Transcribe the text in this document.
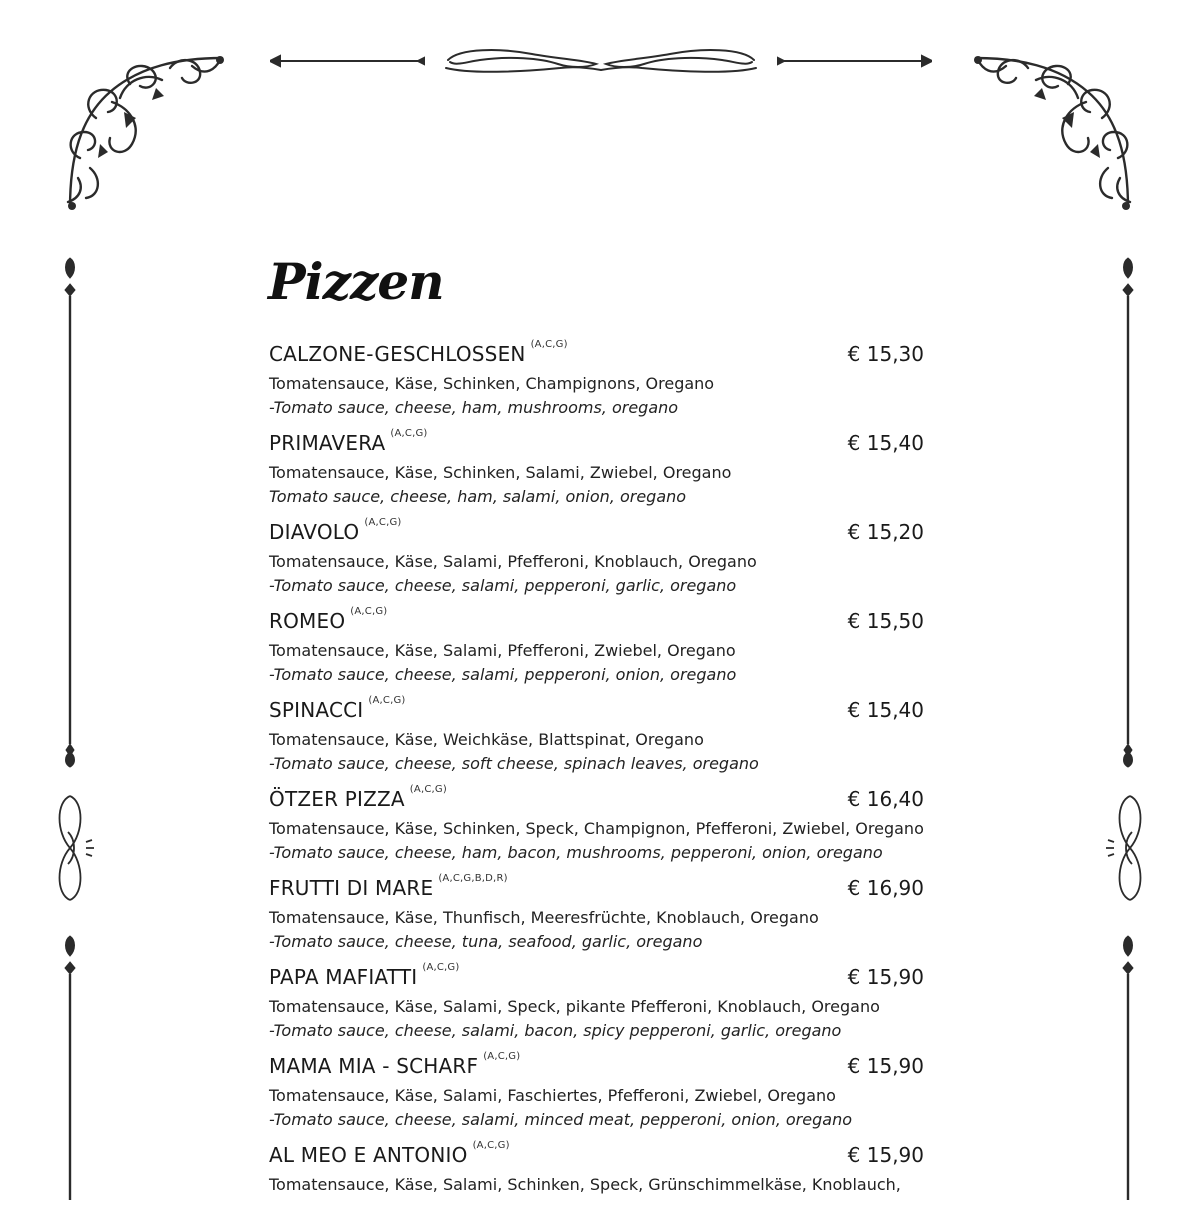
Pizzen
CALZONE-GESCHLOSSEN $^{(A,C,G)}$	€ 15,30
Tomatensauce, Käse, Schinken, Champignons, Oregano
-Tomato sauce, cheese, ham, mushrooms, oregano
PRIMAVERA $^{(A,C,G)}$	€ 15,40
Tomatensauce, Käse, Schinken, Salami, Zwiebel, Oregano
Tomato sauce, cheese, ham, salami, onion, oregano
DIAVOLO $^{(A,C,G)}$	€ 15,20
Tomatensauce, Käse, Salami, Pfefferoni, Knoblauch, Oregano
-Tomato sauce, cheese, salami, pepperoni, garlic, oregano
ROMEO $^{(A,C,G)}$	€ 15,50
Tomatensauce, Käse, Salami, Pfefferoni, Zwiebel, Oregano
-Tomato sauce, cheese, salami, pepperoni, onion, oregano
SPINACCI $^{(A,C,G)}$	€ 15,40
Tomatensauce, Käse, Weichkäse, Blattspinat, Oregano
-Tomato sauce, cheese, soft cheese, spinach leaves, oregano
ÖTZER PIZZA $^{(A,C,G)}$	€ 16,40
Tomatensauce, Käse, Schinken, Speck, Champignon, Pfefferoni, Zwiebel, Oregano
-Tomato sauce, cheese, ham, bacon, mushrooms, pepperoni, onion, oregano
FRUTTI DI MARE $^{(A,C,G,B,D,R)}$	€ 16,90
Tomatensauce, Käse, Thunfisch, Meeresfrüchte, Knoblauch, Oregano
-Tomato sauce, cheese, tuna, seafood, garlic, oregano
PAPA MAFIATTI $^{(A,C,G)}$	€ 15,90
Tomatensauce, Käse, Salami, Speck, pikante Pfefferoni, Knoblauch, Oregano
-Tomato sauce, cheese, salami, bacon, spicy pepperoni, garlic, oregano
MAMA MIA - SCHARF $^{(A,C,G)}$	€ 15,90
Tomatensauce, Käse, Salami, Faschiertes, Pfefferoni, Zwiebel, Oregano
-Tomato sauce, cheese, salami, minced meat, pepperoni, onion, oregano
AL MEO E ANTONIO $^{(A,C,G)}$	€ 15,90
Tomatensauce, Käse, Salami, Schinken, Speck, Grünschimmelkäse, Knoblauch,
